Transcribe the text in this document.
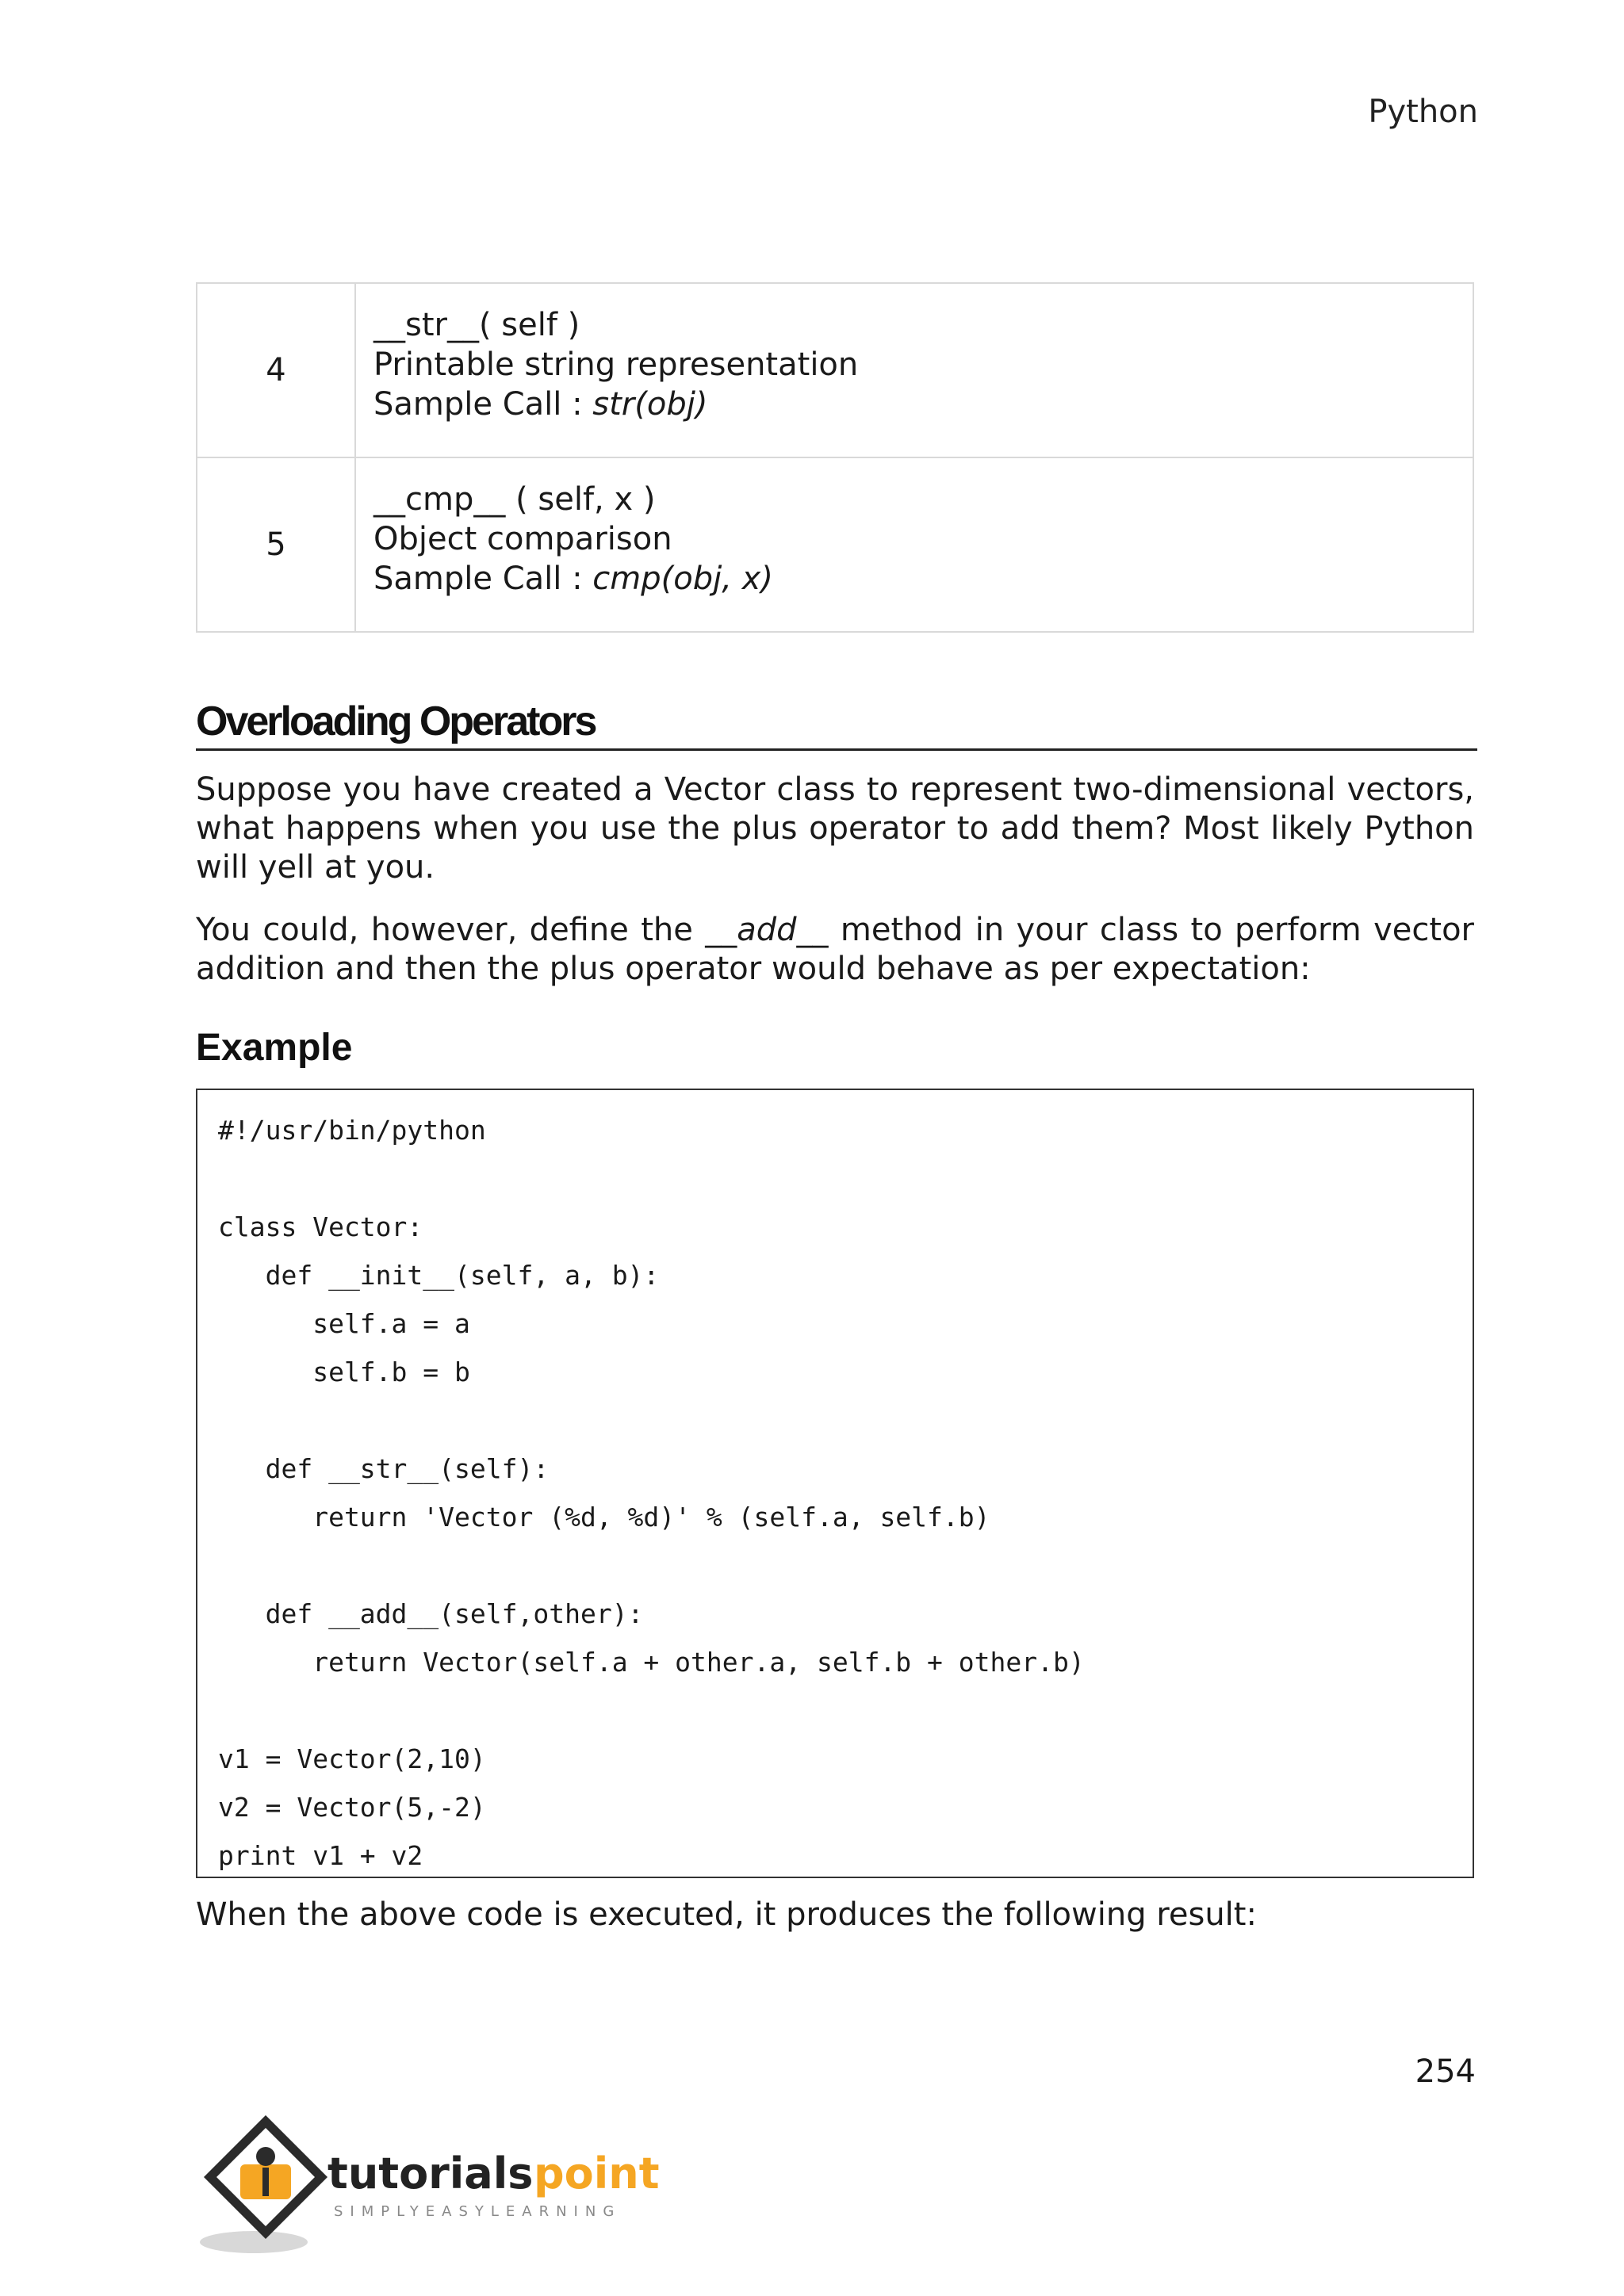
Python
4	__str__( self )
Printable string representation
Sample Call : str(obj)

5	__cmp__ ( self, x )
Object comparison
Sample Call : cmp(obj, x)
Overloading Operators

Suppose you have created a Vector class to represent two-dimensional vectors, what happens when you use the plus operator to add them? Most likely Python will yell at you.

You could, however, define the __add__ method in your class to perform vector addition and then the plus operator would behave as per expectation:

Example
#!/usr/bin/python
class Vector:
def __init__(self, a, b):
self.a = a
self.b = b
def __str__(self):
return 'Vector (%d, %d)' % (self.a, self.b)
def __add__(self,other):
return Vector(self.a + other.a, self.b + other.b)
v1 = Vector(2,10)
v2 = Vector(5,-2)
print v1 + v2

When the above code is executed, it produces the following result:

254
tutorials point
SIMPLYEASYLEARNING
